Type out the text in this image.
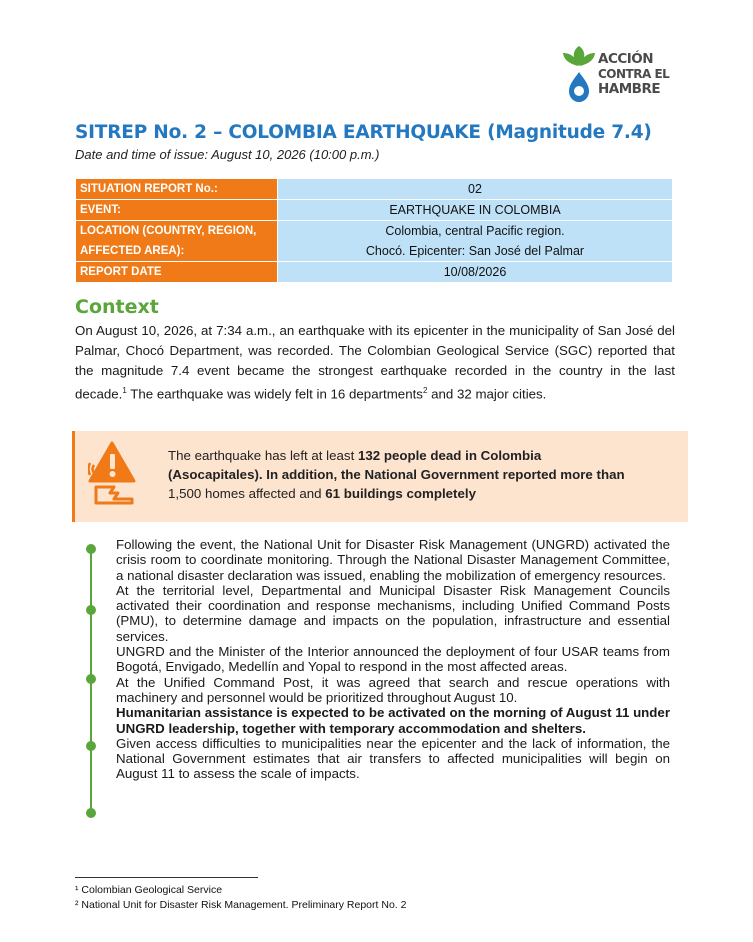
ACCIÓN
CONTRA EL
HAMBRE
SITREP No. 2 – COLOMBIA EARTHQUAKE (Magnitude 7.4)
Date and time of issue: August 10, 2026 (10:00 p.m.)
SITUATION REPORT No.:	02
EVENT:	EARTHQUAKE IN COLOMBIA

LOCATION (COUNTRY, REGION,
AFFECTED AREA):	Colombia, central Pacific region.
Chocó. Epicenter: San José del Palmar

REPORT DATE	10/08/2026
Context

On August 10, 2026, at 7:34 a.m., an earthquake with its epicenter in the municipality of San José del Palmar, Chocó Department, was recorded. The Colombian Geological Service (SGC) reported that the magnitude 7.4 event became the strongest earthquake recorded in the country in the last decade.$^1$ The earthquake was widely felt in 16 departments$^2$ and 32 major cities.

The earthquake has left at least 132 people dead in Colombia (Asocapitales). In addition, the National Government reported more than 1,500 homes affected and 61 buildings completely

Following the event, the National Unit for Disaster Risk Management (UNGRD) activated the crisis room to coordinate monitoring. Through the National Disaster Management Committee, a national disaster declaration was issued, enabling the mobilization of emergency resources.

At the territorial level, Departmental and Municipal Disaster Risk Management Councils activated their coordination and response mechanisms, including Unified Command Posts (PMU), to determine damage and impacts on the population, infrastructure and essential services.

UNGRD and the Minister of the Interior announced the deployment of four USAR teams from Bogotá, Envigado, Medellín and Yopal to respond in the most affected areas.

At the Unified Command Post, it was agreed that search and rescue operations with machinery and personnel would be prioritized throughout August 10.

Humanitarian assistance is expected to be activated on the morning of August 11 under UNGRD leadership, together with temporary accommodation and shelters.

Given access difficulties to municipalities near the epicenter and the lack of information, the National Government estimates that air transfers to affected municipalities will begin on August 11 to assess the scale of impacts.

¹ Colombian Geological Service
² National Unit for Disaster Risk Management. Preliminary Report No. 2
